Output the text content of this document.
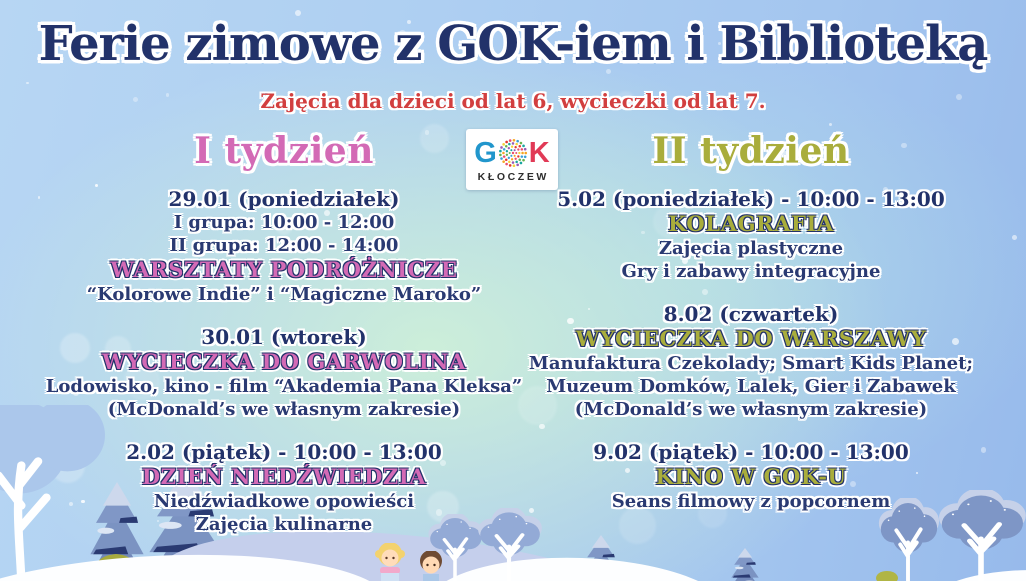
Ferie zimowe z GOK-iem i Biblioteką
Zajęcia dla dzieci od lat 6, wycieczki od lat 7.
I tydzień	G K
KŁOCZEW
II tydzień
29.01 (poniedziałek)
I grupa: 10:00 - 12:00
II grupa: 12:00 - 14:00
WARSZTATY PODRÓŻNICZE
“Kolorowe Indie” i “Magiczne Maroko”
30.01 (wtorek)
WYCIECZKA DO GARWOLINA
Lodowisko, kino - film “Akademia Pana Kleksa”
(McDonald’s we własnym zakresie)
2.02 (piątek) - 10:00 - 13:00
DZIEŃ NIEDŹWIEDZIA
Niedźwiadkowe opowieści
Zajęcia kulinarne
5.02 (poniedziałek) - 10:00 - 13:00
KOLAGRAFIA
Zajęcia plastyczne
Gry i zabawy integracyjne
8.02 (czwartek)
WYCIECZKA DO WARSZAWY
Manufaktura Czekolady; Smart Kids Planet;
Muzeum Domków, Lalek, Gier i Zabawek
(McDonald’s we własnym zakresie)
9.02 (piątek) - 10:00 - 13:00
KINO W GOK-U
Seans filmowy z popcornem
